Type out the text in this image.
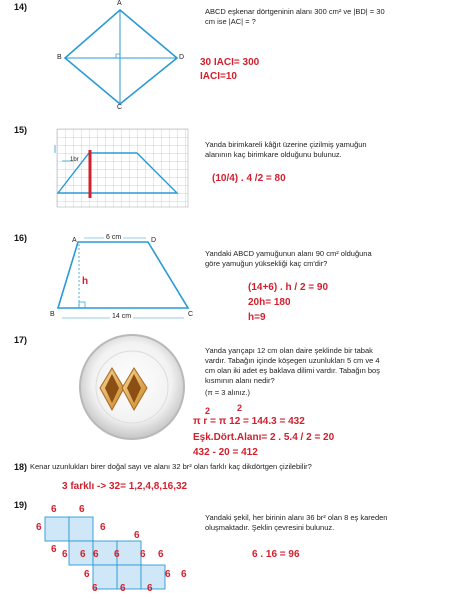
14)	A
B
C
D
ABCD eşkenar dörtgeninin alanı 300 cm² ve |BD| = 30 cm ise |AC| = ?
30 IACI= 300
IACI=10
15)
1br
Yanda birimkareli kâğıt üzerine çizilmiş yamuğun alanının kaç birimkare olduğunu bulunuz.
(10/4) . 4 /2 = 80
16)	A	D
B	C
6 cm
14 cm
h
Yandaki ABCD yamuğunun alanı 90 cm² olduğuna göre yamuğun yüksekliği kaç cm'dir?
(14+6) . h / 2 = 90
20h= 180
h=9
17)
Yanda yarıçapı 12 cm olan daire şeklinde bir tabak vardır. Tabağın içinde köşegen uzunlukları 5 cm ve 4 cm olan iki adet eş baklava dilimi vardır. Tabağın boş kısmının alanı nedir?
(π = 3 alınız.)
2	2
π r = π 12 = 144.3 = 432
Eşk.Dört.Alanı= 2 . 5.4 / 2 = 20
432 - 20 = 412
18) Kenar uzunlukları birer doğal sayı ve alanı 32 br² olan farklı kaç dikdörtgen çizilebilir?
3 farklı -> 32= 1,2,4,8,16,32
19) 6 6
6	6
6
6
6 6 6 6 6 6
6	6 6
6 6 6
Yandaki şekil, her birinin alanı 36 br² olan 8 eş kareden oluşmaktadır. Şeklin çevresini bulunuz.
6 . 16 = 96
